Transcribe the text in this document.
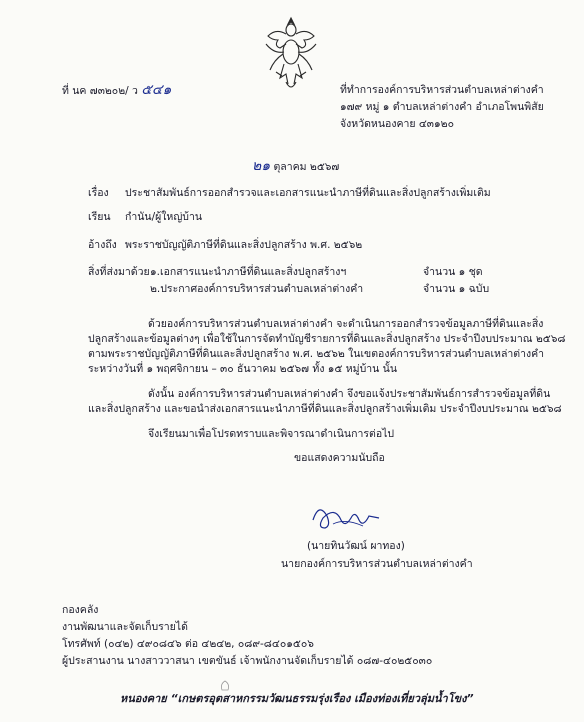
ที่ นค ๗๓๒๐๒/ ว ๕๔๑	ที่ทำการองค์การบริหารส่วนตำบลเหล่าต่างคำ
๑๗๙ หมู่ ๑ ตำบลเหล่าต่างคำ อำเภอโพนพิสัย
จังหวัดหนองคาย ๔๓๑๒๐
๒๑ ตุลาคม ๒๕๖๗
เรื่อง ประชาสัมพันธ์การออกสำรวจและเอกสารแนะนำภาษีที่ดินและสิ่งปลูกสร้างเพิ่มเติม
เรียน กำนัน/ผู้ใหญ่บ้าน
อ้างถึง พระราชบัญญัติภาษีที่ดินและสิ่งปลูกสร้าง พ.ศ. ๒๕๖๒
สิ่งที่ส่งมาด้วย ๑.เอกสารแนะนำภาษีที่ดินและสิ่งปลูกสร้างฯ	จำนวน ๑ ชุด
๒.ประกาศองค์การบริหารส่วนตำบลเหล่าต่างคำ	จำนวน ๑ ฉบับ
ด้วยองค์การบริหารส่วนตำบลเหล่าต่างคำ จะดำเนินการออกสำรวจข้อมูลภาษีที่ดินและสิ่ง
ปลูกสร้างและข้อมูลต่างๆ เพื่อใช้ในการจัดทำบัญชีรายการที่ดินและสิ่งปลูกสร้าง ประจำปีงบประมาณ ๒๕๖๘
ตามพระราชบัญญัติภาษีที่ดินและสิ่งปลูกสร้าง พ.ศ. ๒๕๖๒ ในเขตองค์การบริหารส่วนตำบลเหล่าต่างคำ
ระหว่างวันที่ ๑ พฤศจิกายน – ๓๐ ธันวาคม ๒๕๖๗ ทั้ง ๑๕ หมู่บ้าน นั้น
ดังนั้น องค์การบริหารส่วนตำบลเหล่าต่างคำ จึงขอแจ้งประชาสัมพันธ์การสำรวจข้อมูลที่ดิน
และสิ่งปลูกสร้าง และขอนำส่งเอกสารแนะนำภาษีที่ดินและสิ่งปลูกสร้างเพิ่มเติม ประจำปีงบประมาณ ๒๕๖๘
จึงเรียนมาเพื่อโปรดทราบและพิจารณาดำเนินการต่อไป
ขอแสดงความนับถือ
(นายทินวัฒน์ ผาทอง)
นายกองค์การบริหารส่วนตำบลเหล่าต่างคำ
กองคลัง
งานพัฒนาและจัดเก็บรายได้
โทรศัพท์ (๐๔๒) ๔๙๐๘๔๖ ต่อ ๔๒๔๒, ๐๘๙-๘๔๐๑๕๐๖
ผู้ประสานงาน นางสาววาสนา เขตขันธ์ เจ้าพนักงานจัดเก็บรายได้ ๐๘๗-๔๐๒๕๐๓๐
หนองคาย “เกษตรอุตสาหกรรมวัฒนธรรมรุ่งเรือง เมืองท่องเที่ยวลุ่มน้ำโขง”
